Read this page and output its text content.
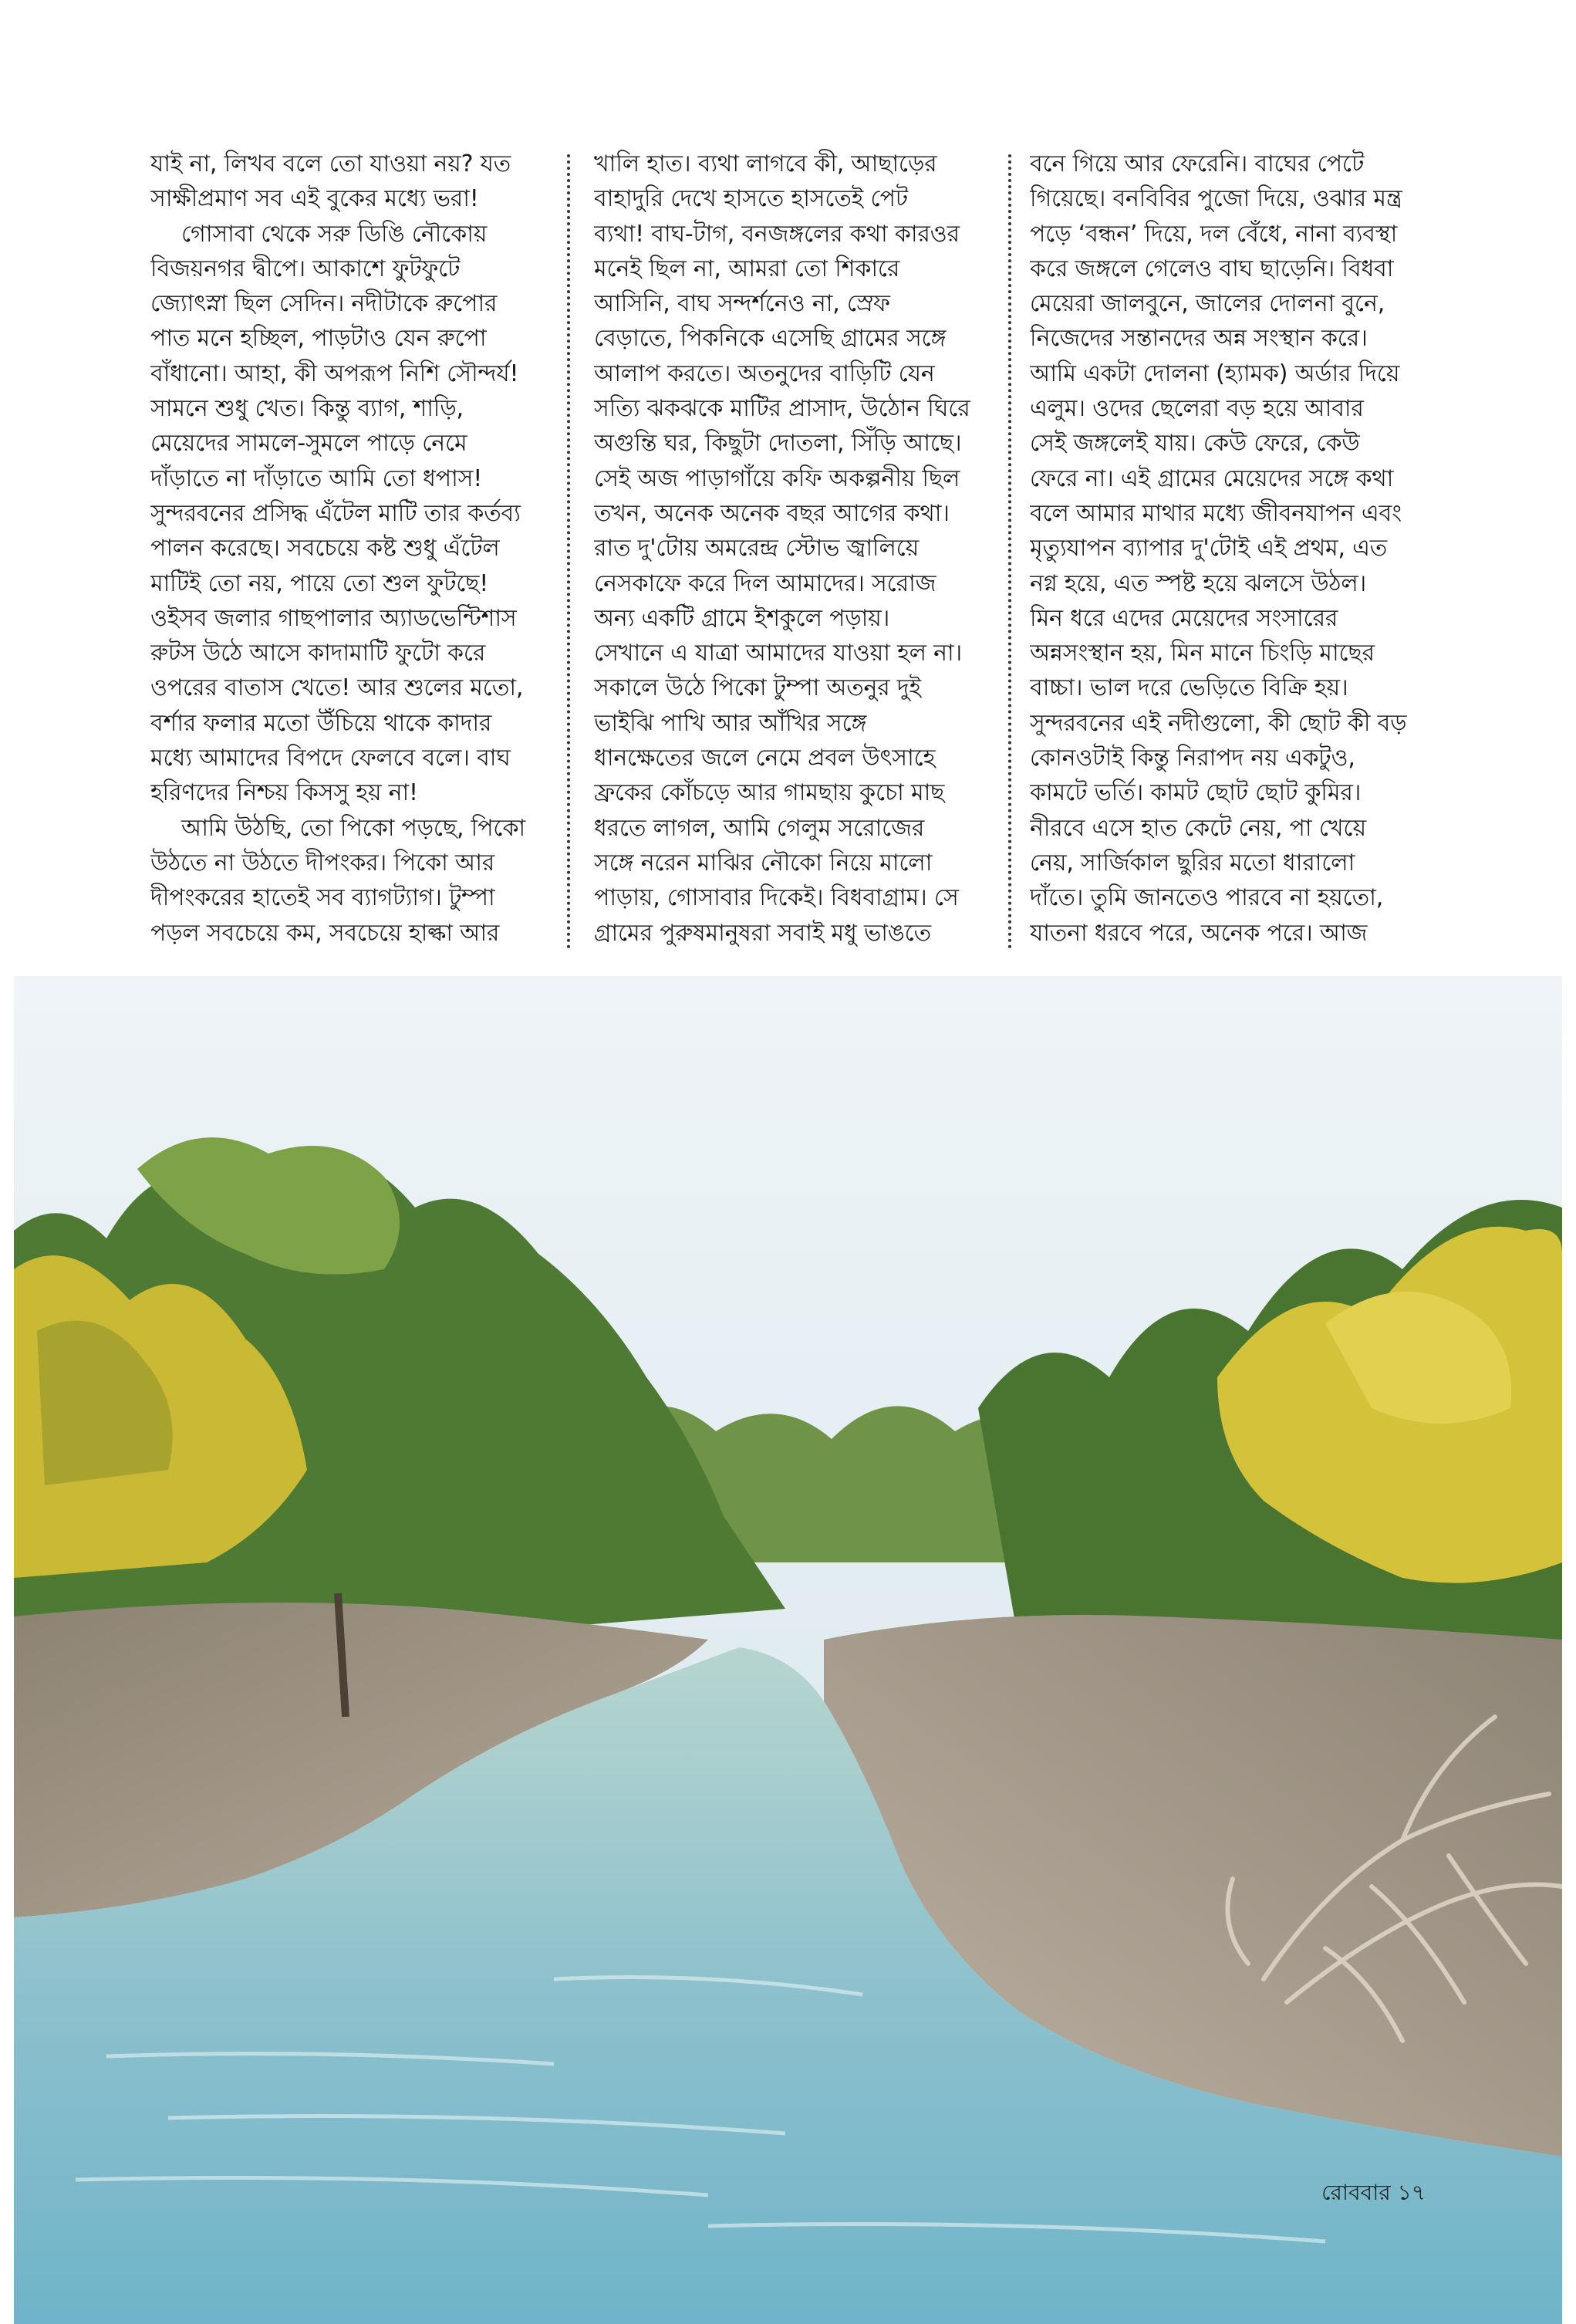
যাই না, লিখব বলে তো যাওয়া নয়? যত
সাক্ষীপ্রমাণ সব এই বুকের মধ্যে ভরা!
গোসাবা থেকে সরু ডিঙি নৌকোয়
বিজয়নগর দ্বীপে। আকাশে ফুটফুটে
জ্যোৎস্না ছিল সেদিন। নদীটাকে রুপোর
পাত মনে হচ্ছিল, পাড়টাও যেন রুপো
বাঁধানো। আহা, কী অপরূপ নিশি সৌন্দর্য!
সামনে শুধু খেত। কিন্তু ব্যাগ, শাড়ি,
মেয়েদের সামলে-সুমলে পাড়ে নেমে
দাঁড়াতে না দাঁড়াতে আমি তো ধপাস!
সুন্দরবনের প্রসিদ্ধ এঁটেল মাটি তার কর্তব্য
পালন করেছে। সবচেয়ে কষ্ট শুধু এঁটেল
মাটিই তো নয়, পায়ে তো শুল ফুটছে!
ওইসব জলার গাছপালার অ্যাডভেন্টিশাস
রুটস উঠে আসে কাদামাটি ফুটো করে
ওপরের বাতাস খেতে! আর শুলের মতো,
বর্শার ফলার মতো উঁচিয়ে থাকে কাদার
মধ্যে আমাদের বিপদে ফেলবে বলে। বাঘ
হরিণদের নিশ্চয় কিসসু হয় না!
আমি উঠছি, তো পিকো পড়ছে, পিকো
উঠতে না উঠতে দীপংকর। পিকো আর
দীপংকরের হাতেই সব ব্যাগট্যাগ। টুম্পা
পড়ল সবচেয়ে কম, সবচেয়ে হাল্কা আর
খালি হাত। ব্যথা লাগবে কী, আছাড়ের
বাহাদুরি দেখে হাসতে হাসতেই পেট
ব্যথা! বাঘ-টাগ, বনজঙ্গলের কথা কারওর
মনেই ছিল না, আমরা তো শিকারে
আসিনি, বাঘ সন্দর্শনেও না, স্রেফ
বেড়াতে, পিকনিকে এসেছি গ্রামের সঙ্গে
আলাপ করতে। অতনুদের বাড়িটি যেন
সত্যি ঝকঝকে মাটির প্রাসাদ, উঠোন ঘিরে
অগুন্তি ঘর, কিছুটা দোতলা, সিঁড়ি আছে।
সেই অজ পাড়াগাঁয়ে কফি অকল্পনীয় ছিল
তখন, অনেক অনেক বছর আগের কথা।
রাত দু'টোয় অমরেন্দ্র স্টোভ জ্বালিয়ে
নেসকাফে করে দিল আমাদের। সরোজ
অন্য একটি গ্রামে ইশকুলে পড়ায়।
সেখানে এ যাত্রা আমাদের যাওয়া হল না।
সকালে উঠে পিকো টুম্পা অতনুর দুই
ভাইঝি পাখি আর আঁখির সঙ্গে
ধানক্ষেতের জলে নেমে প্রবল উৎসাহে
ফ্রকের কোঁচড়ে আর গামছায় কুচো মাছ
ধরতে লাগল, আমি গেলুম সরোজের
সঙ্গে নরেন মাঝির নৌকো নিয়ে মালো
পাড়ায়, গোসাবার দিকেই। বিধবাগ্রাম। সে
গ্রামের পুরুষমানুষরা সবাই মধু ভাঙতে
বনে গিয়ে আর ফেরেনি। বাঘের পেটে
গিয়েছে। বনবিবির পুজো দিয়ে, ওঝার মন্ত্র
পড়ে ‘বন্ধন’ দিয়ে, দল বেঁধে, নানা ব্যবস্থা
করে জঙ্গলে গেলেও বাঘ ছাড়েনি। বিধবা
মেয়েরা জালবুনে, জালের দোলনা বুনে,
নিজেদের সন্তানদের অন্ন সংস্থান করে।
আমি একটা দোলনা (হ্যামক) অর্ডার দিয়ে
এলুম। ওদের ছেলেরা বড় হয়ে আবার
সেই জঙ্গলেই যায়। কেউ ফেরে, কেউ
ফেরে না। এই গ্রামের মেয়েদের সঙ্গে কথা
বলে আমার মাথার মধ্যে জীবনযাপন এবং
মৃত্যুযাপন ব্যাপার দু'টোই এই প্রথম, এত
নগ্ন হয়ে, এত স্পষ্ট হয়ে ঝলসে উঠল।
মিন ধরে এদের মেয়েদের সংসারের
অন্নসংস্থান হয়, মিন মানে চিংড়ি মাছের
বাচ্চা। ভাল দরে ভেড়িতে বিক্রি হয়।
সুন্দরবনের এই নদীগুলো, কী ছোট কী বড়
কোনওটাই কিন্তু নিরাপদ নয় একটুও,
কামটে ভর্তি। কামট ছোট ছোট কুমির।
নীরবে এসে হাত কেটে নেয়, পা খেয়ে
নেয়, সার্জিকাল ছুরির মতো ধারালো
দাঁতে। তুমি জানতেও পারবে না হয়তো,
যাতনা ধরবে পরে, অনেক পরে। আজ
রোববার ১৭
